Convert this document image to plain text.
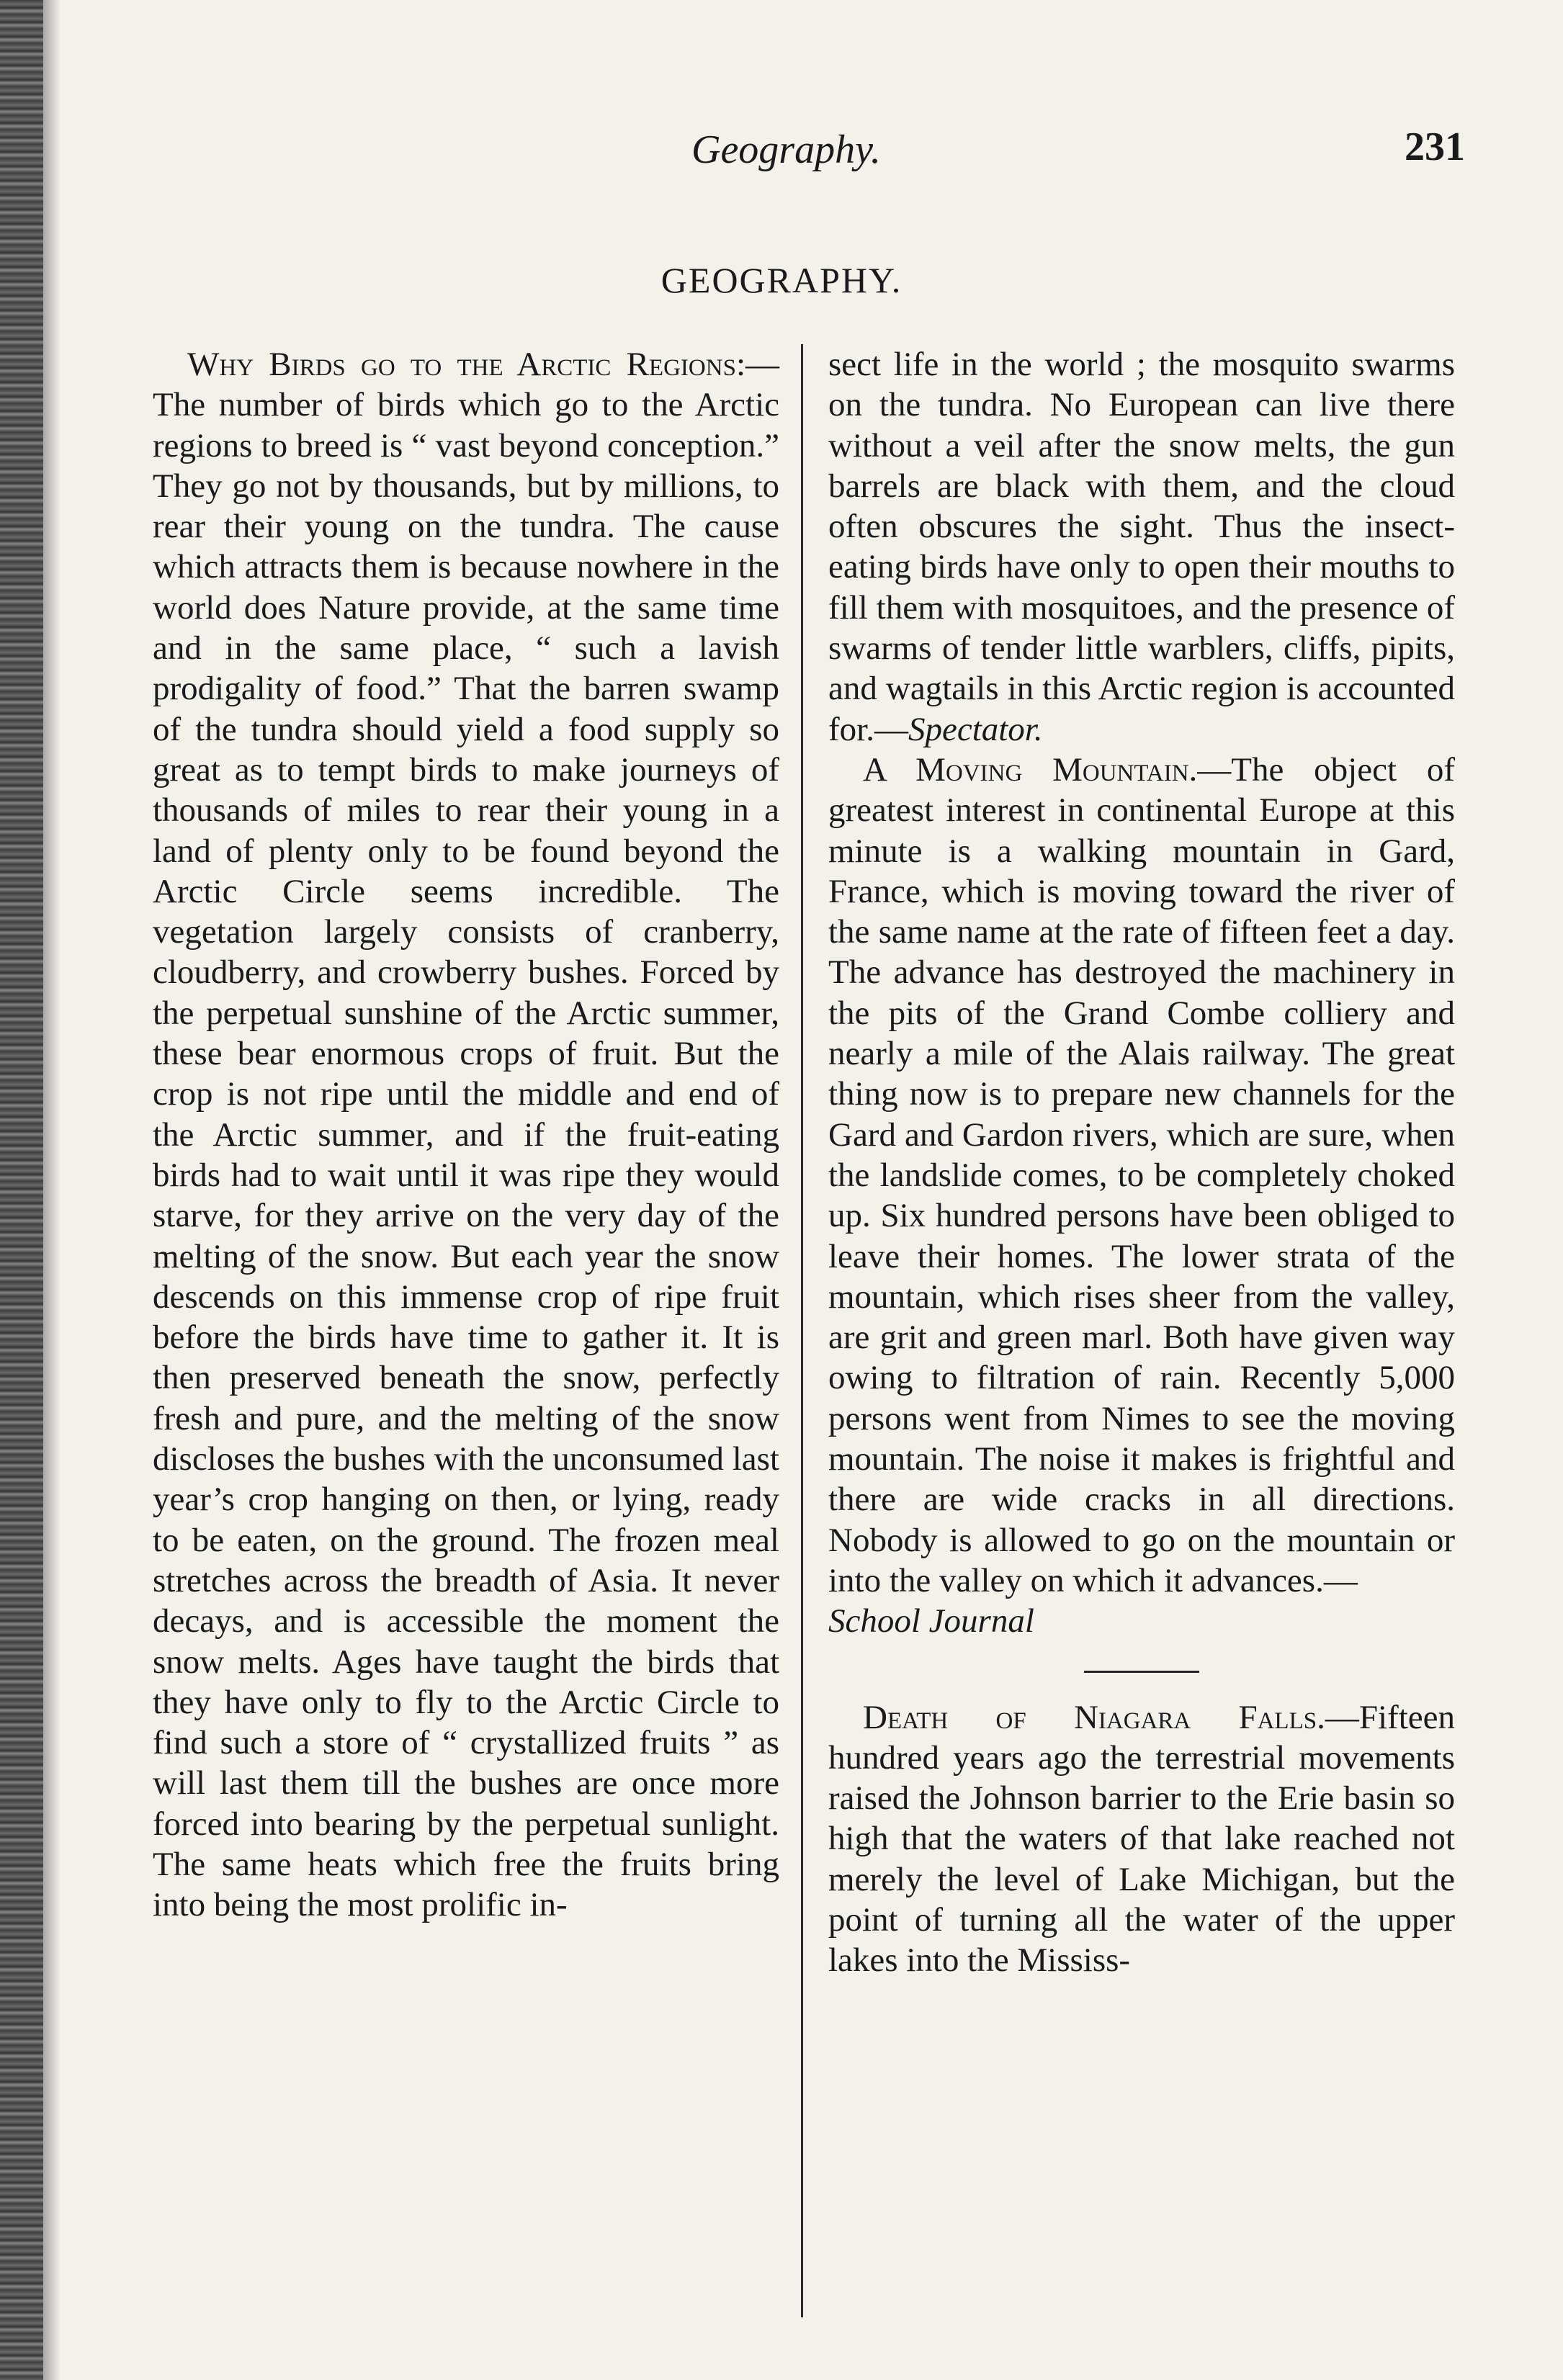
Geography.	231
GEOGRAPHY.

Why Birds go to the Arctic Regions:—The number of birds which go to the Arctic regions to breed is “ vast beyond conception.” They go not by thousands, but by millions, to rear their young on the tundra. The cause which attracts them is because nowhere in the world does Nature provide, at the same time and in the same place, “ such a lavish prodigality of food.” That the barren swamp of the tundra should yield a food supply so great as to tempt birds to make journeys of thousands of miles to rear their young in a land of plenty only to be found beyond the Arctic Circle seems incredible. The vegetation largely consists of cranberry, cloudberry, and crowberry bushes. Forced by the perpetual sunshine of the Arctic summer, these bear enormous crops of fruit. But the crop is not ripe until the middle and end of the Arctic summer, and if the fruit-eating birds had to wait until it was ripe they would starve, for they arrive on the very day of the melting of the snow. But each year the snow descends on this immense crop of ripe fruit before the birds have time to gather it. It is then preserved beneath the snow, perfectly fresh and pure, and the melting of the snow discloses the bushes with the unconsumed last year’s crop hanging on then, or lying, ready to be eaten, on the ground. The frozen meal stretches across the breadth of Asia. It never decays, and is accessible the moment the snow melts. Ages have taught the birds that they have only to fly to the Arctic Circle to find such a store of “ crystallized fruits ” as will last them till the bushes are once more forced into bearing by the perpetual sunlight. The same heats which free the fruits bring into being the most prolific in-

sect life in the world ; the mosquito swarms on the tundra. No European can live there without a veil after the snow melts, the gun barrels are black with them, and the cloud often obscures the sight. Thus the insect-eating birds have only to open their mouths to fill them with mosquitoes, and the presence of swarms of tender little warblers, cliffs, pipits, and wagtails in this Arctic region is accounted for.—Spectator.

A Moving Mountain.—The object of greatest interest in continental Europe at this minute is a walking mountain in Gard, France, which is moving toward the river of the same name at the rate of fifteen feet a day. The advance has destroyed the machinery in the pits of the Grand Combe colliery and nearly a mile of the Alais railway. The great thing now is to prepare new channels for the Gard and Gardon rivers, which are sure, when the landslide comes, to be completely choked up. Six hundred persons have been obliged to leave their homes. The lower strata of the mountain, which rises sheer from the valley, are grit and green marl. Both have given way owing to filtration of rain. Recently 5,000 persons went from Nimes to see the moving mountain. The noise it makes is frightful and there are wide cracks in all directions. Nobody is allowed to go on the mountain or into the valley on which it advances.—
School Journal

Death of Niagara Falls.—Fifteen hundred years ago the terrestrial movements raised the Johnson barrier to the Erie basin so high that the waters of that lake reached not merely the level of Lake Michigan, but the point of turning all the water of the upper lakes into the Mississ-
